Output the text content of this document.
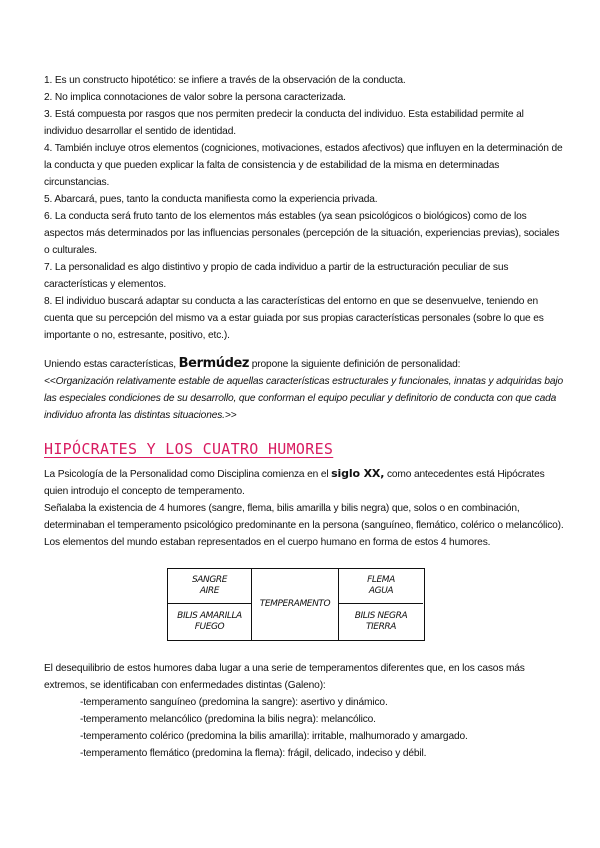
1. Es un constructo hipotético: se infiere a través de la observación de la conducta.

2. No implica connotaciones de valor sobre la persona caracterizada.

3. Está compuesta por rasgos que nos permiten predecir la conducta del individuo. Esta estabilidad permite al individuo desarrollar el sentido de identidad.

4. También incluye otros elementos (cogniciones, motivaciones, estados afectivos) que influyen en la determinación de la conducta y que pueden explicar la falta de consistencia y de estabilidad de la misma en determinadas circunstancias.

5. Abarcará, pues, tanto la conducta manifiesta como la experiencia privada.

6. La conducta será fruto tanto de los elementos más estables (ya sean psicológicos o biológicos) como de los aspectos más determinados por las influencias personales (percepción de la situación, experiencias previas), sociales o culturales.

7. La personalidad es algo distintivo y propio de cada individuo a partir de la estructuración peculiar de sus características y elementos.

8. El individuo buscará adaptar su conducta a las características del entorno en que se desenvuelve, teniendo en cuenta que su percepción del mismo va a estar guiada por sus propias características personales (sobre lo que es importante o no, estresante, positivo, etc.).

Uniendo estas características, Bermúdez propone la siguiente definición de personalidad:

<<Organización relativamente estable de aquellas características estructurales y funcionales, innatas y adquiridas bajo las especiales condiciones de su desarrollo, que conforman el equipo peculiar y definitorio de conducta con que cada individuo afronta las distintas situaciones.>>

HIPÓCRATES Y LOS CUATRO HUMORES

La Psicología de la Personalidad como Disciplina comienza en el siglo XX, como antecedentes está Hipócrates quien introdujo el concepto de temperamento.

Señalaba la existencia de 4 humores (sangre, flema, bilis amarilla y bilis negra) que, solos o en combinación, determinaban el temperamento psicológico predominante en la persona (sanguíneo, flemático, colérico o melancólico). Los elementos del mundo estaban representados en el cuerpo humano en forma de estos 4 humores.

SANGRE
AIRE
BILIS AMARILLA
FUEGO
TEMPERAMENTO
FLEMA
AGUA
BILIS NEGRA
TIERRA

El desequilibrio de estos humores daba lugar a una serie de temperamentos diferentes que, en los casos más extremos, se identificaban con enfermedades distintas (Galeno):

-temperamento sanguíneo (predomina la sangre): asertivo y dinámico.

-temperamento melancólico (predomina la bilis negra): melancólico.

-temperamento colérico (predomina la bilis amarilla): irritable, malhumorado y amargado.

-temperamento flemático (predomina la flema): frágil, delicado, indeciso y débil.
